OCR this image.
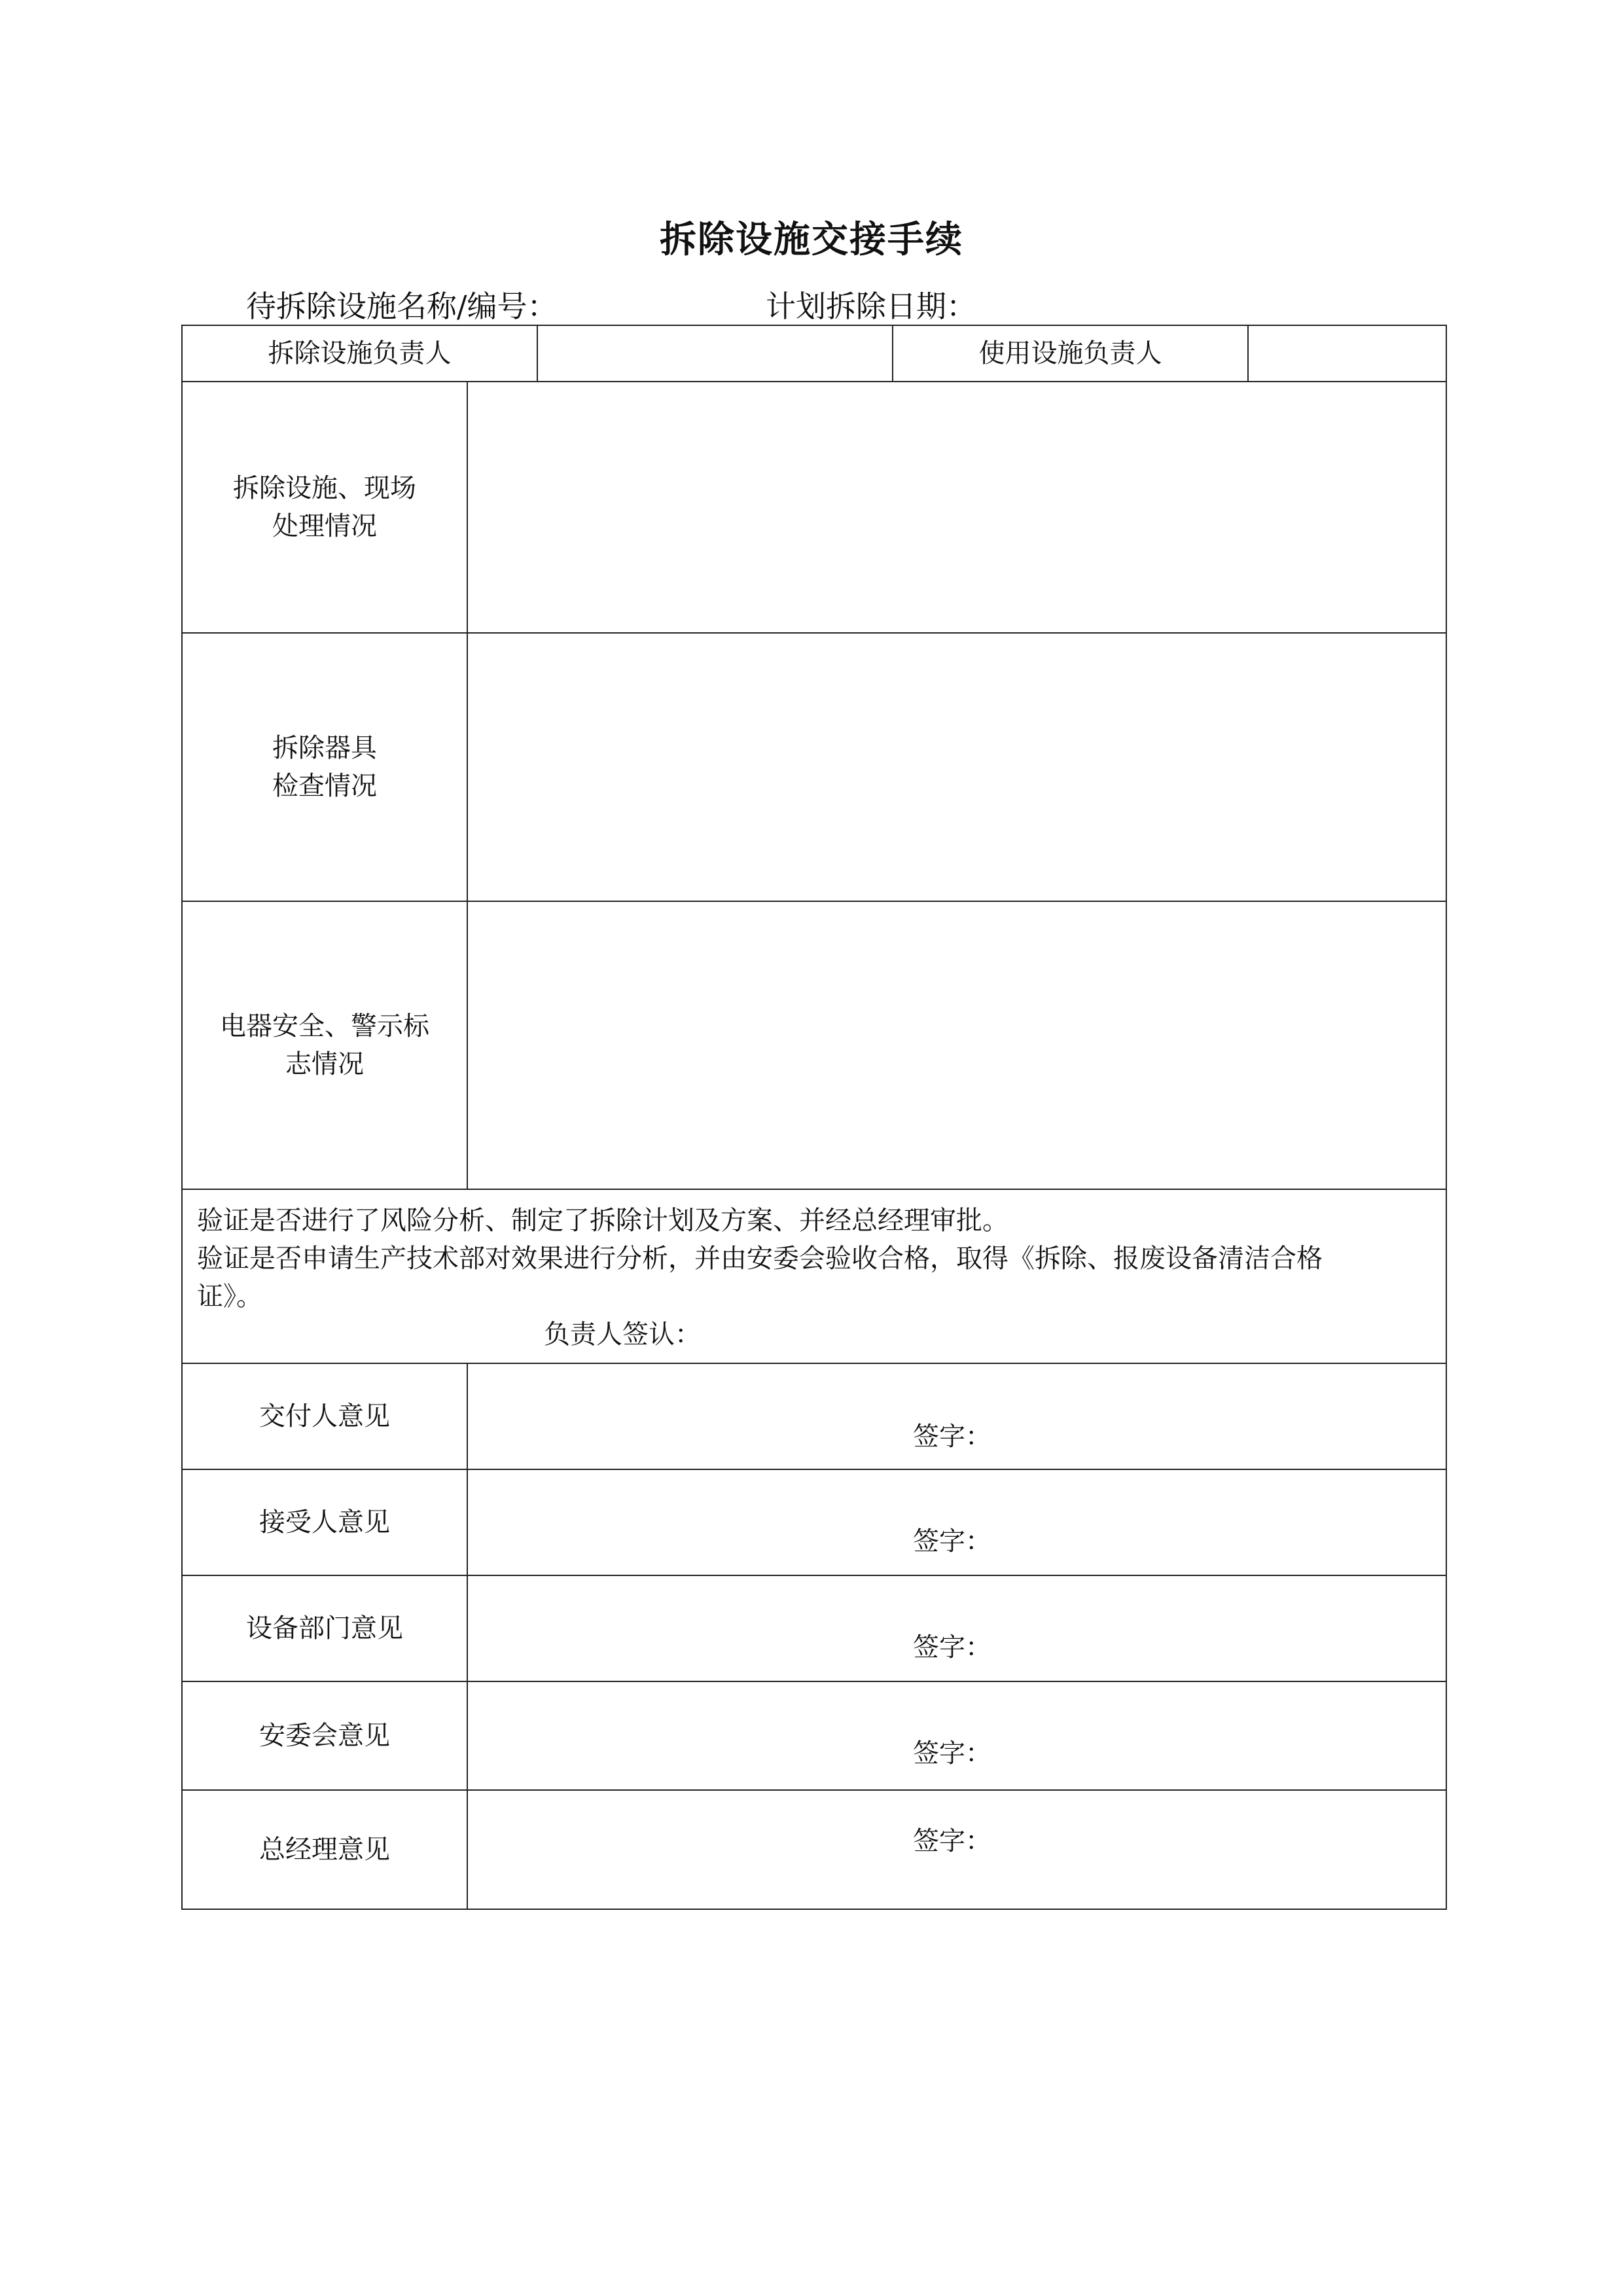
拆除设施交接手续
待拆除设施名称/编号：	计划拆除日期：
拆除设施负责人			使用设施负责人	
拆除设施、现场
处理情况				
拆除器具
检查情况				
电器安全、警示标
志情况				

验证是否进行了风险分析、制定了拆除计划及方案、并经总经理审批。

验证是否申请生产技术部对效果进行分析，并由安委会验收合格，取得《拆除、报废设备清洁合格

证》。

负责人签认：				

交付人意见	签字：			

接受人意见	签字：			

设备部门意见	签字：			

安委会意见	签字：			

总经理意见	签字：			
